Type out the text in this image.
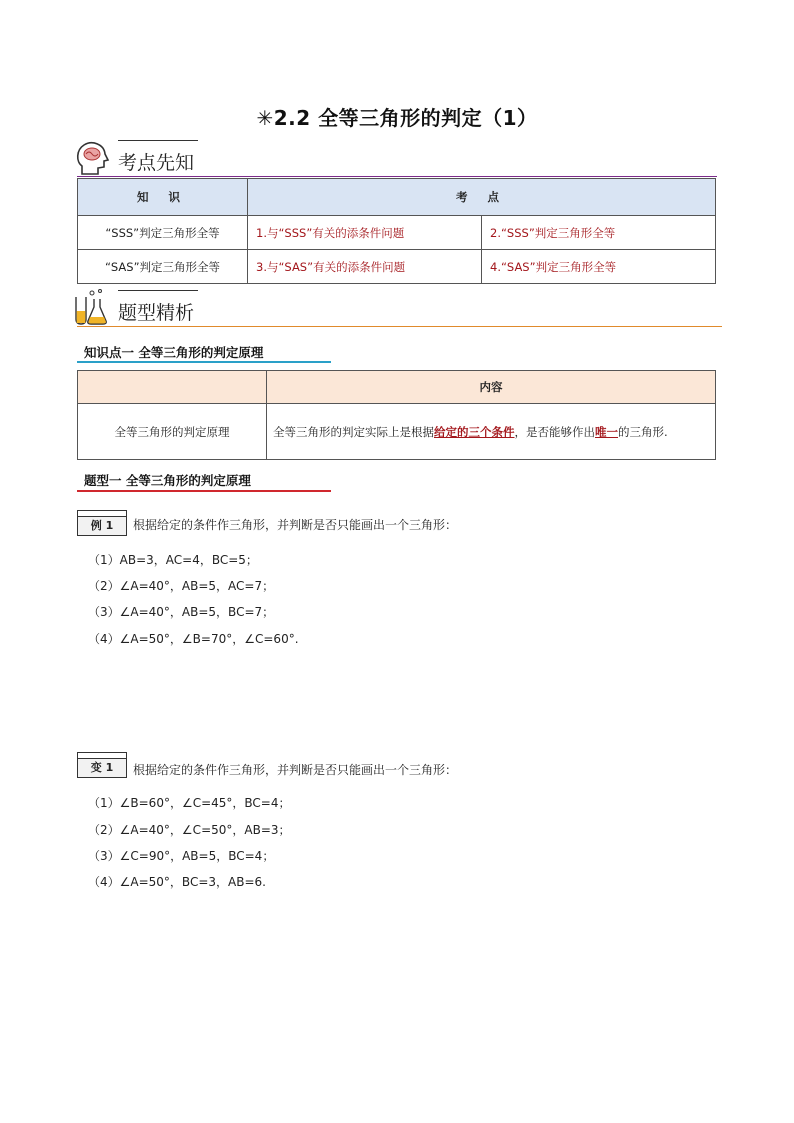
✳2.2 全等三角形的判定（1）
考点先知
知 识	考 点	
“SSS”判定三角形全等	1.与“SSS”有关的添条件问题	2.“SSS”判定三角形全等
“SAS”判定三角形全等	3.与“SAS”有关的添条件问题	4.“SAS”判定三角形全等
题型精析
知识点一 全等三角形的判定原理
	内容
全等三角形的判定原理	全等三角形的判定实际上是根据给定的三个条件，是否能够作出唯一的三角形.
题型一 全等三角形的判定原理
例 1	根据给定的条件作三角形，并判断是否只能画出一个三角形：
（1）AB=3，AC=4，BC=5；
（2）∠A=40°，AB=5，AC=7；
（3）∠A=40°，AB=5，BC=7；
（4）∠A=50°，∠B=70°，∠C=60°.
变 1	根据给定的条件作三角形，并判断是否只能画出一个三角形：
（1）∠B=60°，∠C=45°，BC=4；
（2）∠A=40°，∠C=50°，AB=3；
（3）∠C=90°，AB=5，BC=4；
（4）∠A=50°，BC=3，AB=6.
